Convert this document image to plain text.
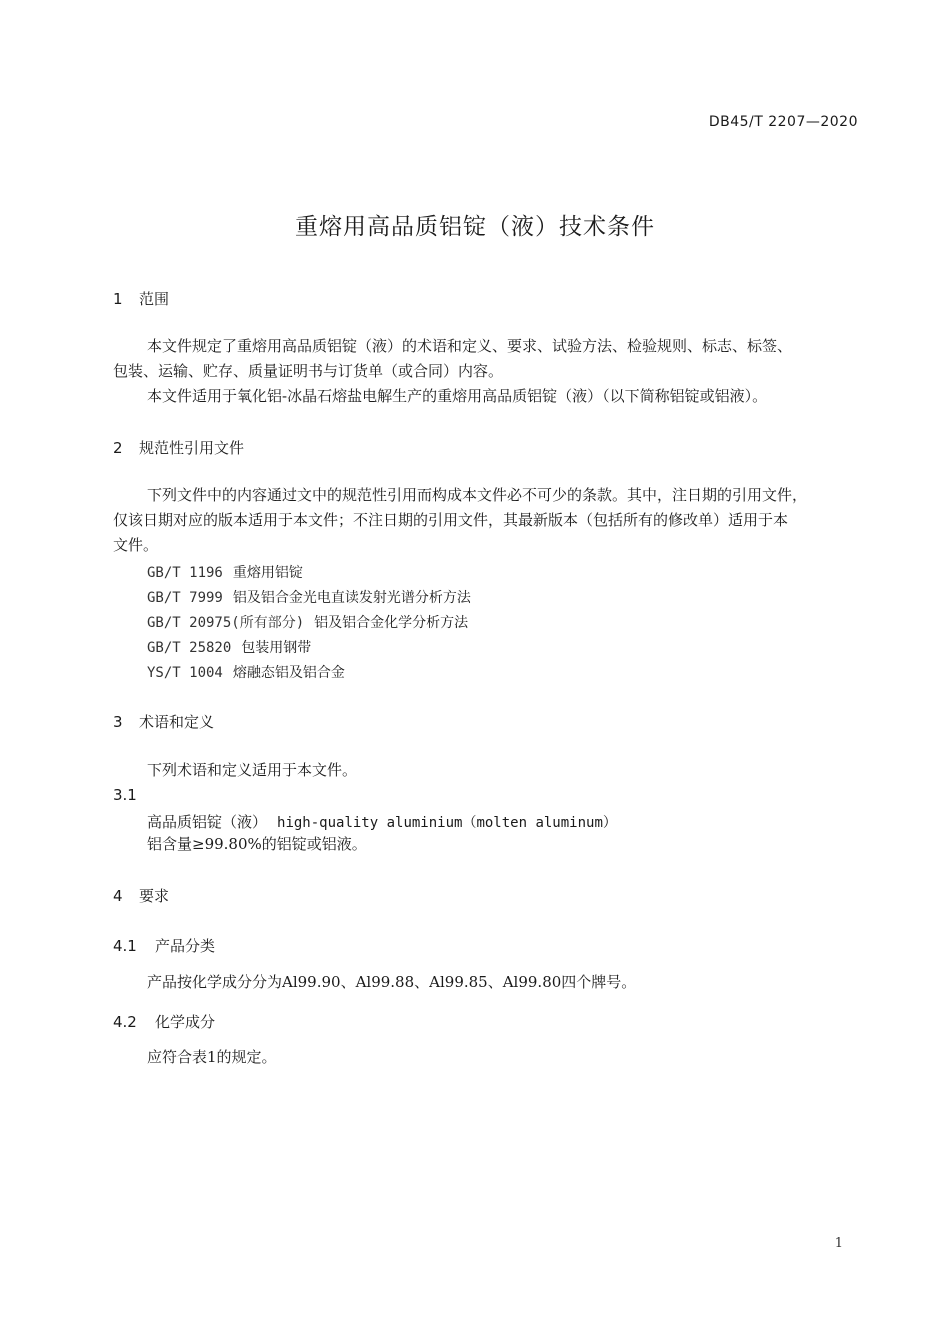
DB45/T 2207—2020
重熔用高品质铝锭（液）技术条件
1 范围
本文件规定了重熔用高品质铝锭（液）的术语和定义、要求、试验方法、检验规则、标志、标签、
包装、运输、贮存、质量证明书与订货单（或合同）内容。
本文件适用于氧化铝-冰晶石熔盐电解生产的重熔用高品质铝锭（液）（以下简称铝锭或铝液）。
2 规范性引用文件
下列文件中的内容通过文中的规范性引用而构成本文件必不可少的条款。其中，注日期的引用文件，
仅该日期对应的版本适用于本文件；不注日期的引用文件，其最新版本（包括所有的修改单）适用于本
文件。
GB/T 1196 重熔用铝锭
GB/T 7999 铝及铝合金光电直读发射光谱分析方法
GB/T 20975(所有部分) 铝及铝合金化学分析方法
GB/T 25820 包装用钢带
YS/T 1004 熔融态铝及铝合金
3 术语和定义
下列术语和定义适用于本文件。
3.1
高品质铝锭（液） high-quality aluminium（molten aluminum）
铝含量≥99.80%的铝锭或铝液。
4 要求
4.1 产品分类
产品按化学成分分为Al99.90、Al99.88、Al99.85、Al99.80四个牌号。
4.2 化学成分
应符合表1的规定。
1
